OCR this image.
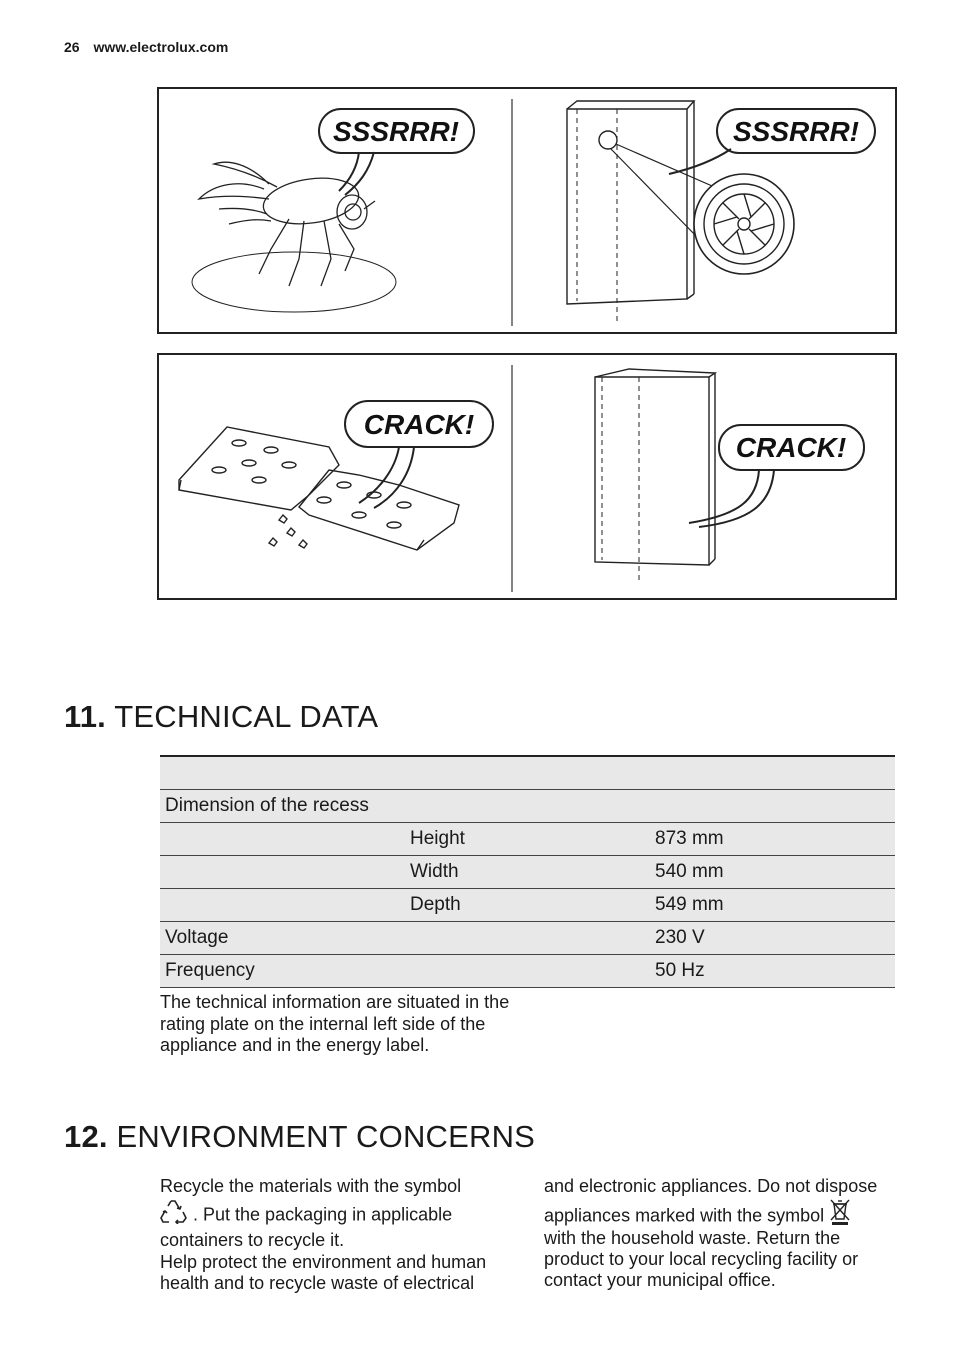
26 www.electrolux.com
SSSRRR!	SSSRRR!
CRACK!
CRACK!
11. TECHNICAL DATA

Dimension of the recess		
	Height	873 mm
	Width	540 mm
	Depth	549 mm
Voltage		230 V
Frequency		50 Hz
The technical information are situated in the rating plate on the internal left side of the appliance and in the energy label.
12. ENVIRONMENT CONCERNS

Recycle the materials with the symbol

. Put the packaging in applicable

containers to recycle it.

Help protect the environment and human health and to recycle waste of electrical

and electronic appliances. Do not dispose

appliances marked with the symbol

with the household waste. Return the product to your local recycling facility or contact your municipal office.
